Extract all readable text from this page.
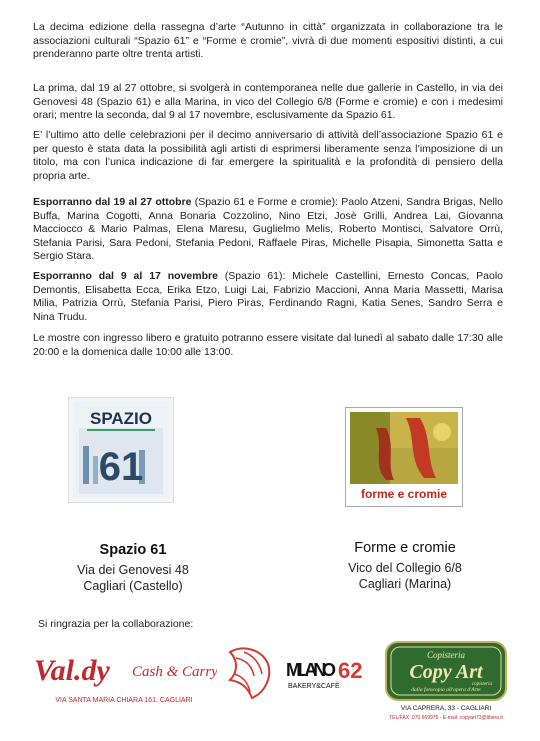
La decima edizione della rassegna d’arte “Autunno in città” organizzata in collaborazione tra le associazioni culturali “Spazio 61” e “Forme e cromie”, vivrà di due momenti espositivi distinti, a cui prenderanno parte oltre trenta artisti.
La prima, dal 19 al 27 ottobre, si svolgerà in contemporanea nelle due gallerie in Castello, in via dei Genovesi 48 (Spazio 61) e alla Marina, in vico del Collegio 6/8 (Forme e cromie) e con i medesimi orari; mentre la seconda, dal 9 al 17 novembre, esclusivamente da Spazio 61.
E’ l’ultimo atto delle celebrazioni per il decimo anniversario di attività dell’associazione Spazio 61 e per questo è stata data la possibilità agli artisti di esprimersi liberamente senza l’imposizione di un titolo, ma con l’unica indicazione di far emergere la spiritualità e la profondità di pensiero della propria arte.
Esporranno dal 19 al 27 ottobre (Spazio 61 e Forme e cromie): Paolo Atzeni, Sandra Brigas, Nello Buffa, Marina Cogotti, Anna Bonaria Cozzolino, Nino Etzi, Josè Grilli, Andrea Lai, Giovanna Macciocco & Mario Palmas, Elena Maresu, Guglielmo Melis, Roberto Montisci, Salvatore Orrù, Stefania Parisi, Sara Pedoni, Stefania Pedoni, Raffaele Piras, Michelle Pisapia, Simonetta Satta e Sergio Stara.
Esporranno dal 9 al 17 novembre (Spazio 61): Michele Castellini, Ernesto Concas, Paolo Demontis, Elisabetta Ecca, Erika Etzo, Luigi Lai, Fabrizio Maccioni, Anna Maria Massetti, Marisa Milia, Patrizia Orrù, Stefania Parisi, Piero Piras, Ferdinando Ragni, Katia Senes, Sandro Serra e Nina Trudu.
Le mostre con ingresso libero e gratuito potranno essere visitate dal lunedì al sabato dalle 17:30 alle 20:00 e la domenica dalle 10:00 alle 13:00.
SPAZIO
61
forme e cromie
Spazio 61
Via dei Genovesi 48
Cagliari (Castello)
Forme e cromie
Vico del Collegio 6/8
Cagliari (Marina)
Si ringrazia per la collaborazione:
Val.dy Cash & Carry
VIA SANTA MARIA CHIARA 161, CAGLIARI
MILANO 62
BAKERY&CAFÈ
Copisteria
Copy Art
copisteria
dalla fotocopia all'opera d'Arte
VIA CAPRERA, 33 - CAGLIARI
TEL/FAX: 070 669976 - E-mail: copyart73@libero.it
